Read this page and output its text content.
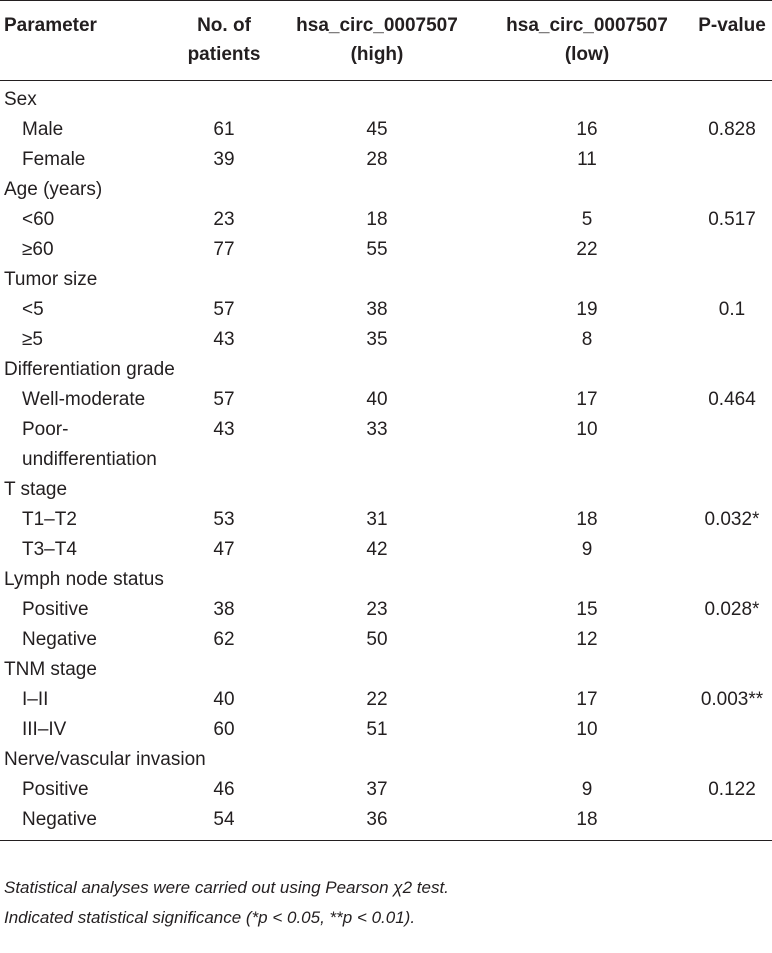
Parameter	No. of patients	hsa_circ_0007507 (high)	hsa_circ_0007507 (low)	P-value
Sex				
Male	61	45	16	0.828
Female	39	28	11	
Age (years)				
<60	23	18	5	0.517
≥60	77	55	22	
Tumor size				
<5	57	38	19	0.1
≥5	43	35	8	
Differentiation grade				
Well-moderate	57	40	17	0.464
Poor-undifferentiation	43	33	10	
T stage				
T1–T2	53	31	18	0.032*
T3–T4	47	42	9	
Lymph node status				
Positive	38	23	15	0.028*
Negative	62	50	12	
TNM stage				
I–II	40	22	17	0.003**
III–IV	60	51	10	
Nerve/vascular invasion				
Positive	46	37	9	0.122
Negative	54	36	18	
Statistical analyses were carried out using Pearson χ2 test.
Indicated statistical significance (*p < 0.05, **p < 0.01).
